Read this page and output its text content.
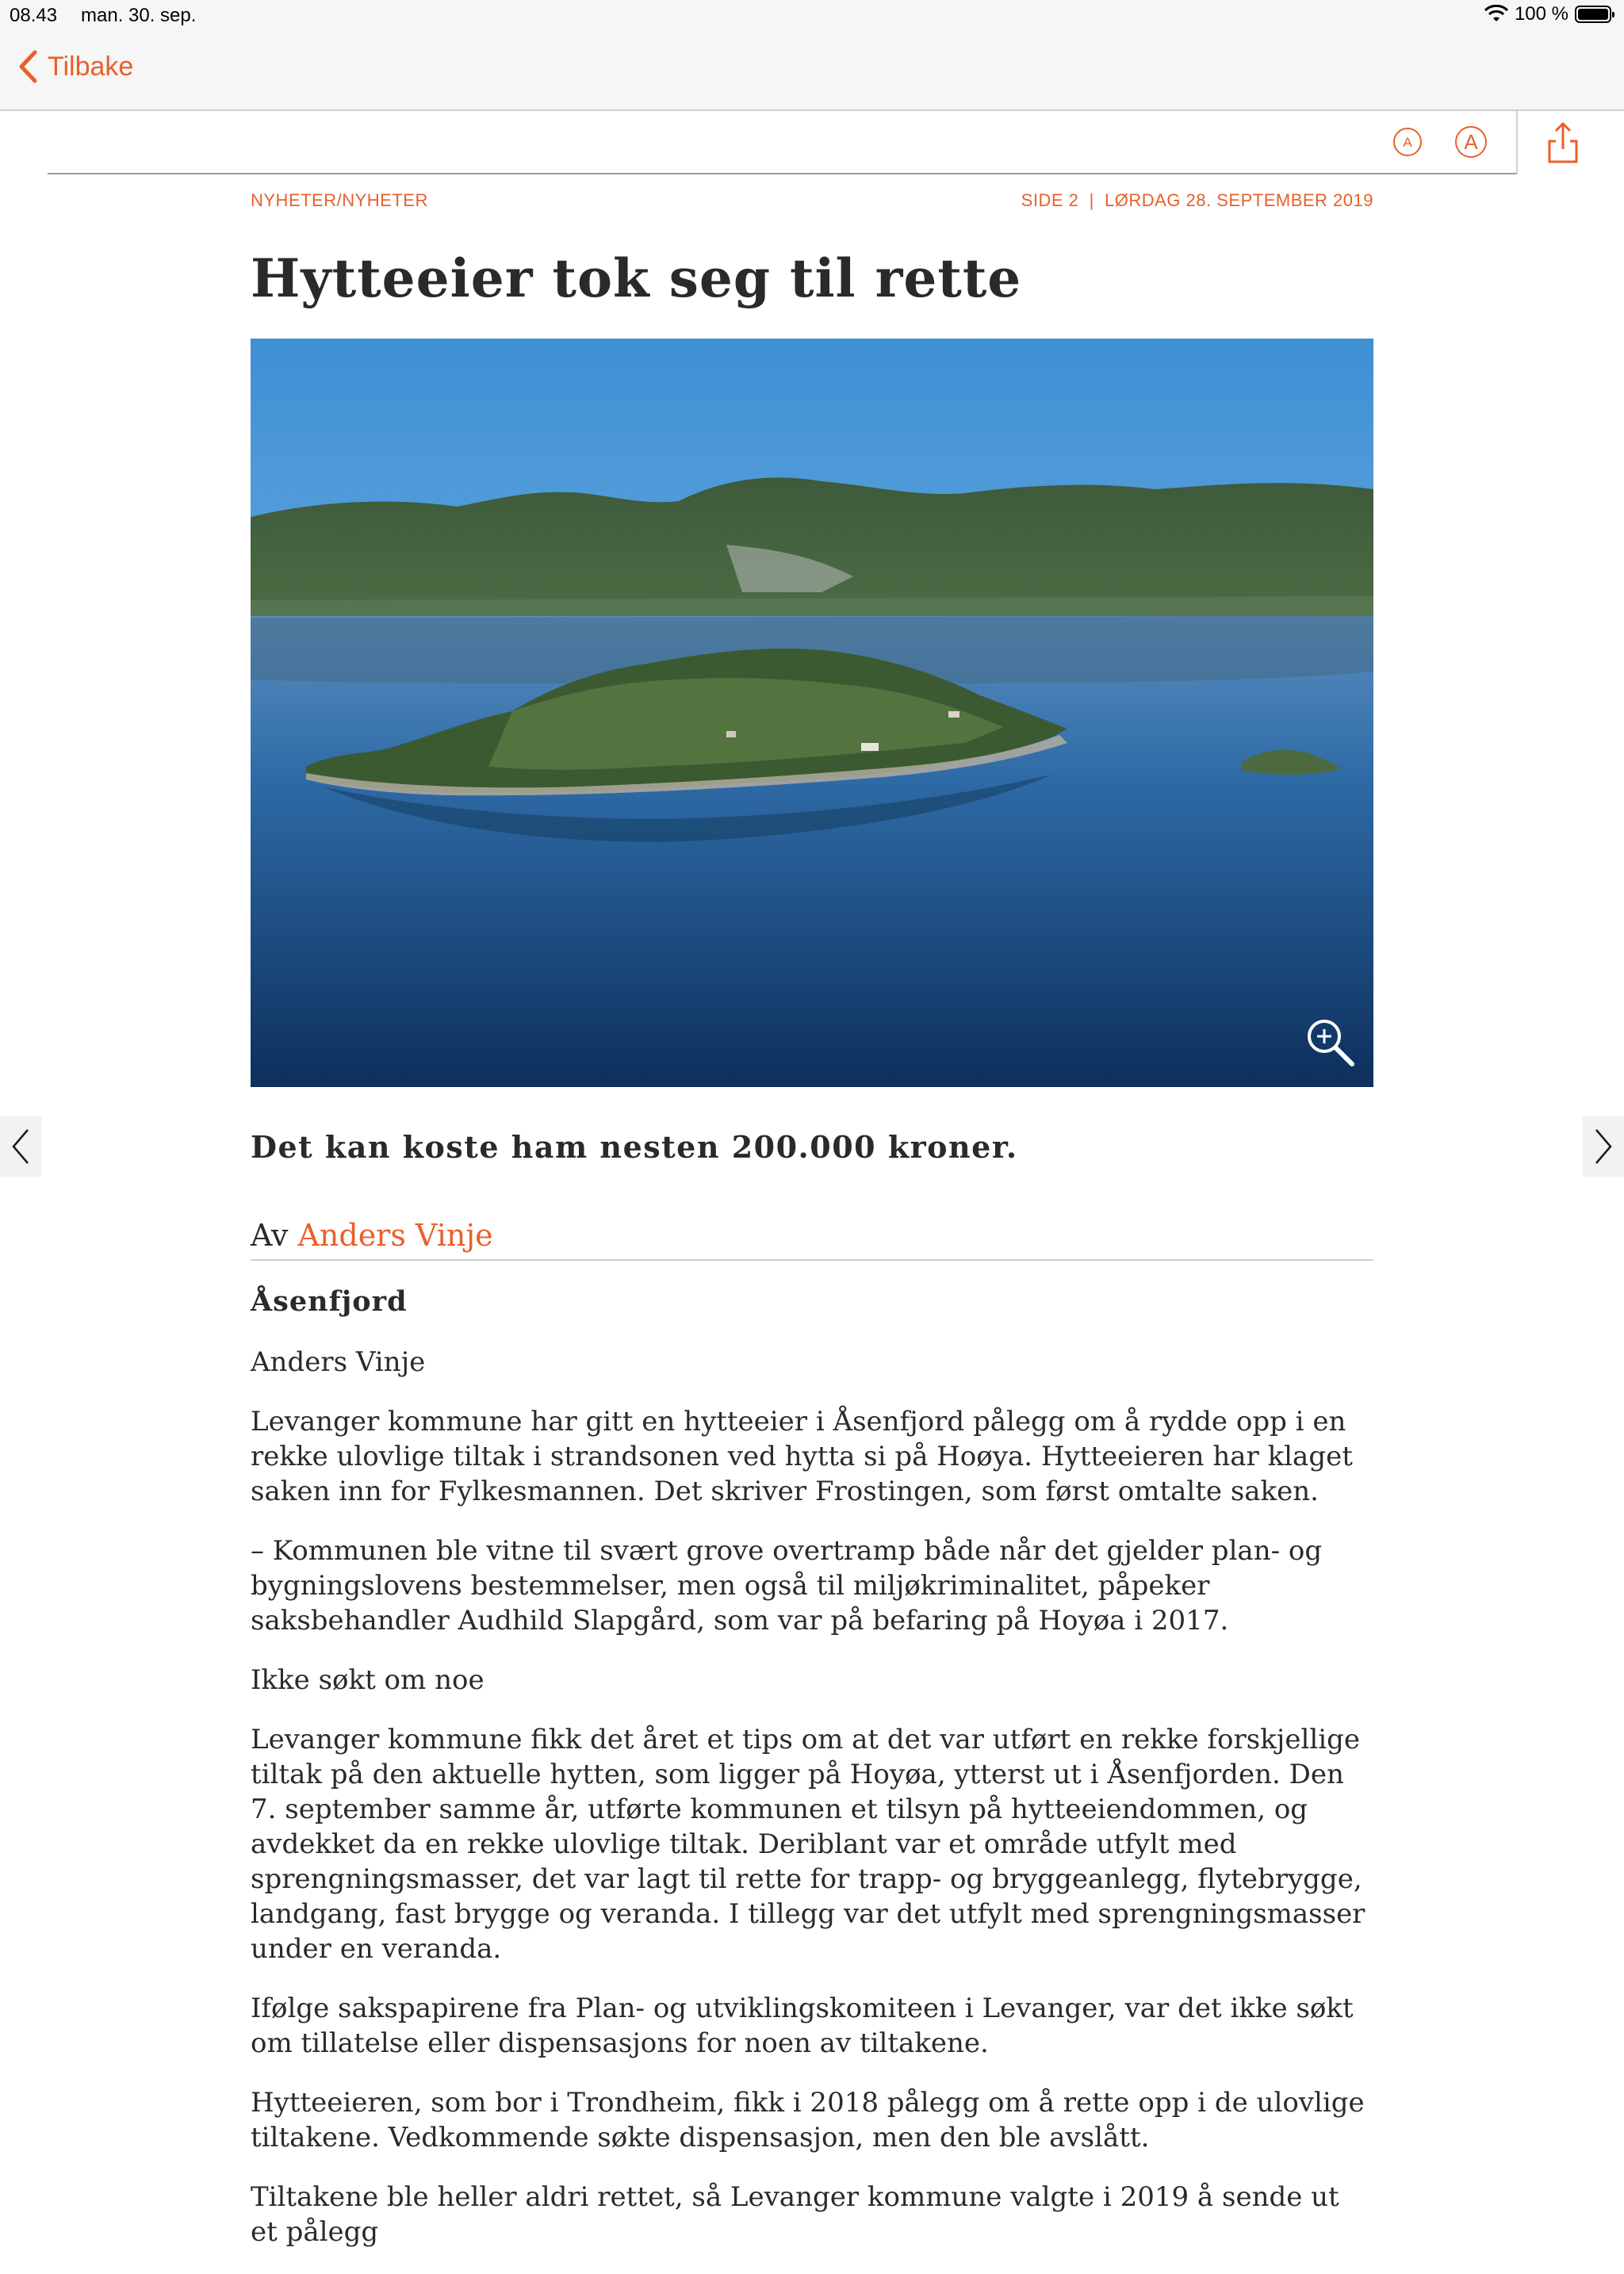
08.43 man. 30. sep.	100 %
Tilbake
A	A
NYHETER/NYHETER	SIDE 2  |  LØRDAG 28. SEPTEMBER 2019
Hytteeier tok seg til rette

Det kan koste ham nesten 200.000 kroner.

Av Anders Vinje

Åsenfjord

Anders Vinje

Levanger kommune har gitt en hytteeier i Åsenfjord pålegg om å rydde opp i en rekke ulovlige tiltak i strandsonen ved hytta si på Hoøya. Hytteeieren har klaget saken inn for Fylkesmannen. Det skriver Frostingen, som først omtalte saken.

– Kommunen ble vitne til svært grove overtramp både når det gjelder plan- og bygningslovens bestemmelser, men også til miljøkriminalitet, påpeker saksbehandler Audhild Slapgård, som var på befaring på Hoyøa i 2017.

Ikke søkt om noe

Levanger kommune fikk det året et tips om at det var utført en rekke forskjellige tiltak på den aktuelle hytten, som ligger på Hoyøa, ytterst ut i Åsenfjorden. Den 7. september samme år, utførte kommunen et tilsyn på hytteeiendommen, og avdekket da en rekke ulovlige tiltak. Deriblant var et område utfylt med sprengningsmasser, det var lagt til rette for trapp- og bryggeanlegg, flytebrygge, landgang, fast brygge og veranda. I tillegg var det utfylt med sprengningsmasser under en veranda.

Ifølge sakspapirene fra Plan- og utviklingskomiteen i Levanger, var det ikke søkt om tillatelse eller dispensasjons for noen av tiltakene.

Hytteeieren, som bor i Trondheim, fikk i 2018 pålegg om å rette opp i de ulovlige tiltakene. Vedkommende søkte dispensasjon, men den ble avslått.

Tiltakene ble heller aldri rettet, så Levanger kommune valgte i 2019 å sende ut et pålegg
